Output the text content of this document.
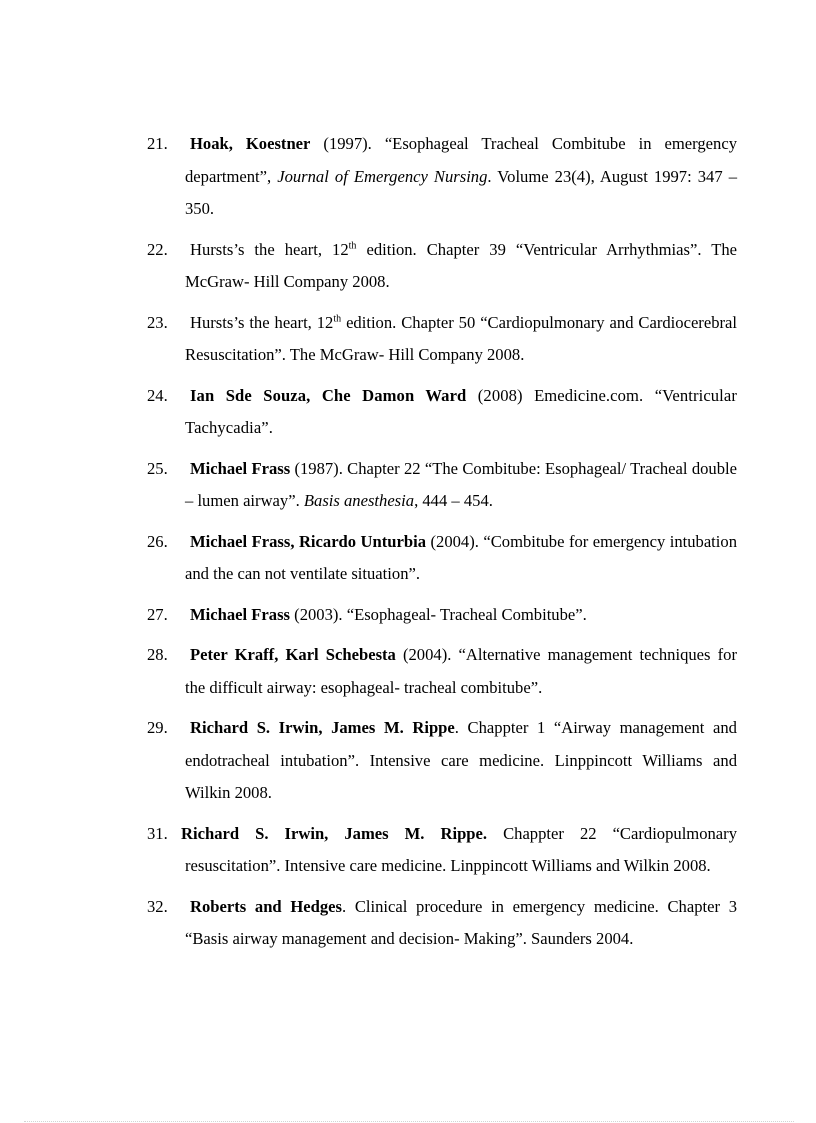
21. Hoak, Koestner (1997). “Esophageal Tracheal Combitube in emergency department”, Journal of Emergency Nursing. Volume 23(4), August 1997: 347 – 350.
22. Hursts’s the heart, 12th edition. Chapter 39 “Ventricular Arrhythmias”. The McGraw- Hill Company 2008.
23. Hursts’s the heart, 12th edition. Chapter 50 “Cardiopulmonary and Cardiocerebral Resuscitation”. The McGraw- Hill Company 2008.
24. Ian Sde Souza, Che Damon Ward (2008) Emedicine.com. “Ventricular Tachycadia”.
25. Michael Frass (1987). Chapter 22 “The Combitube: Esophageal/ Tracheal double – lumen airway”. Basis anesthesia, 444 – 454.
26. Michael Frass, Ricardo Unturbia (2004). “Combitube for emergency intubation and the can not ventilate situation”.
27. Michael Frass (2003). “Esophageal- Tracheal Combitube”.
28. Peter Kraff, Karl Schebesta (2004). “Alternative management techniques for the difficult airway: esophageal- tracheal combitube”.
29. Richard S. Irwin, James M. Rippe. Chappter 1 “Airway management and endotracheal intubation”. Intensive care medicine. Linppincott Williams and Wilkin 2008.
31. Richard S. Irwin, James M. Rippe. Chappter 22 “Cardiopulmonary resuscitation”. Intensive care medicine. Linppincott Williams and Wilkin 2008.
32. Roberts and Hedges. Clinical procedure in emergency medicine. Chapter 3 “Basis airway management and decision- Making”. Saunders 2004.
